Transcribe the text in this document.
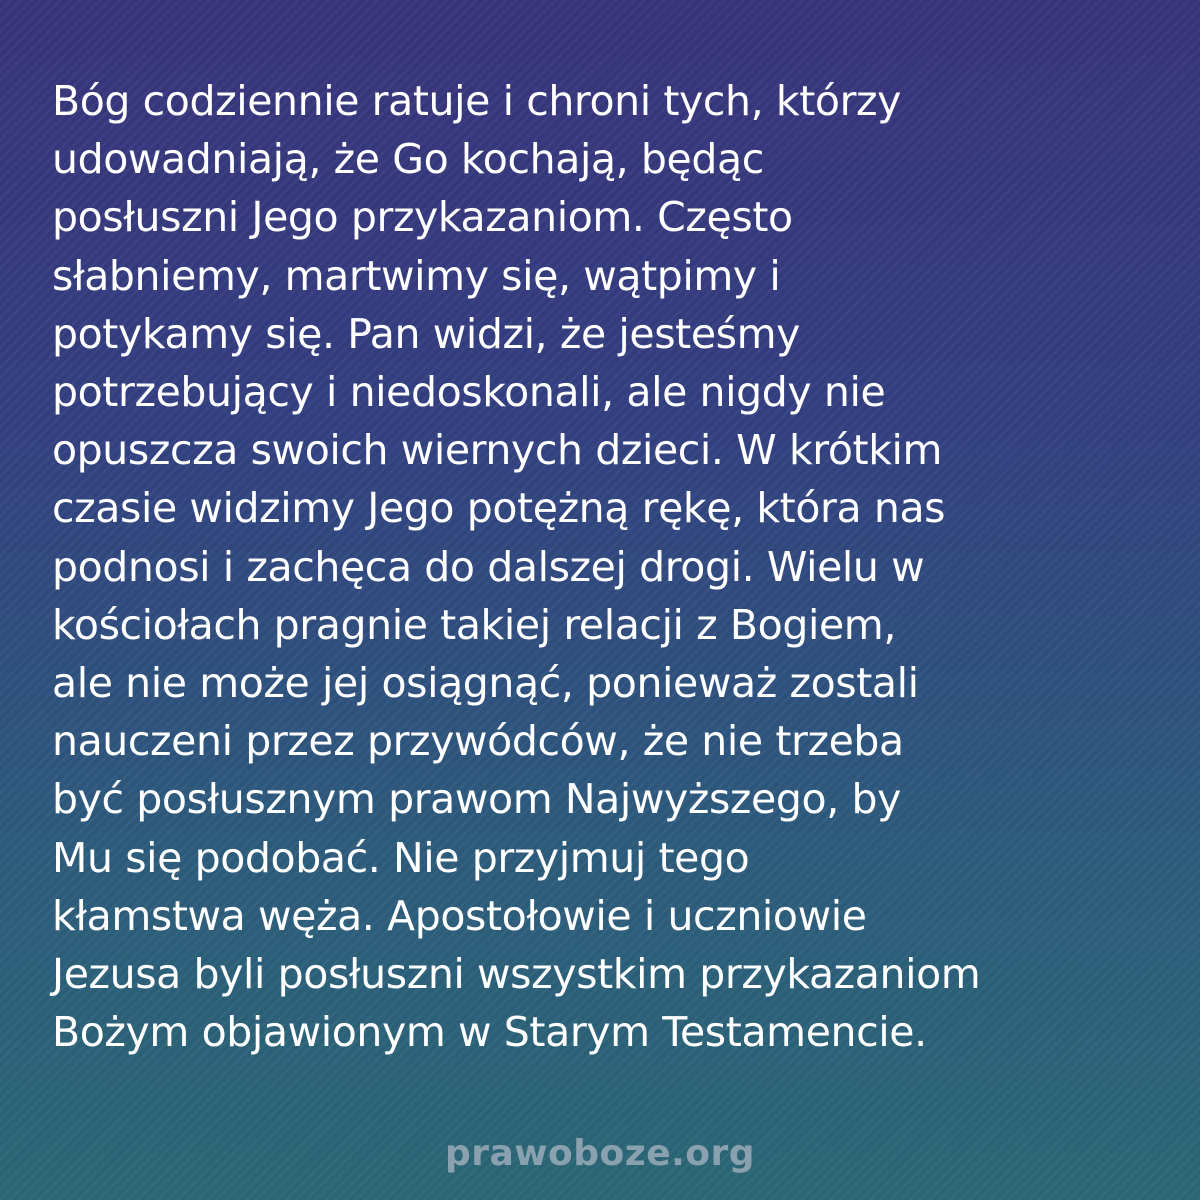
Bóg codziennie ratuje i chroni tych, którzy
udowadniają, że Go kochają, będąc
posłuszni Jego przykazaniom. Często
słabniemy, martwimy się, wątpimy i
potykamy się. Pan widzi, że jesteśmy
potrzebujący i niedoskonali, ale nigdy nie
opuszcza swoich wiernych dzieci. W krótkim
czasie widzimy Jego potężną rękę, która nas
podnosi i zachęca do dalszej drogi. Wielu w
kościołach pragnie takiej relacji z Bogiem,
ale nie może jej osiągnąć, ponieważ zostali
nauczeni przez przywódców, że nie trzeba
być posłusznym prawom Najwyższego, by
Mu się podobać. Nie przyjmuj tego
kłamstwa węża. Apostołowie i uczniowie
Jezusa byli posłuszni wszystkim przykazaniom
Bożym objawionym w Starym Testamencie.

prawoboze.org
